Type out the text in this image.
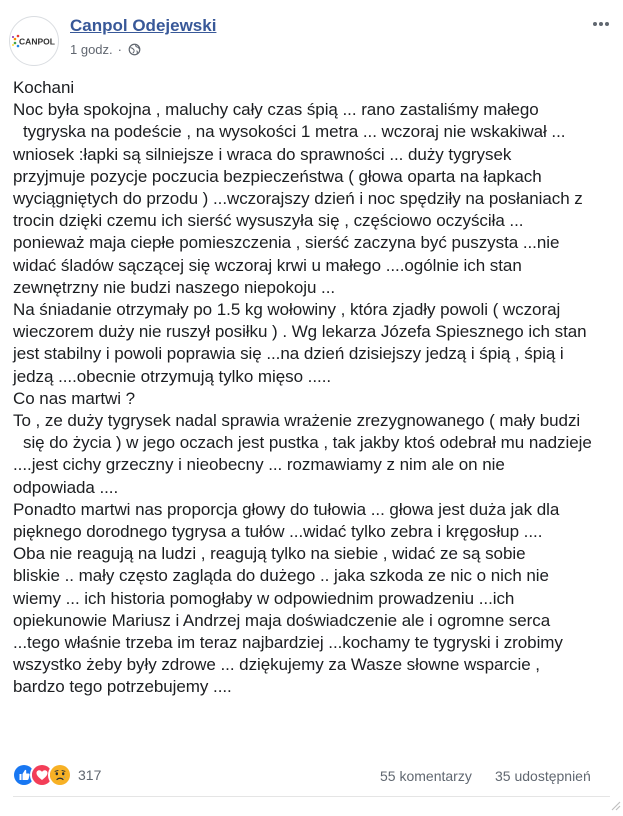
CANPOL
Canpol Odejewski
1 godz. ·

Kochani

Noc była spokojna , maluchy cały czas śpią ... rano zastaliśmy małego

tygryska na podeście , na wysokości 1 metra ... wczoraj nie wskakiwał ...

wniosek :łapki są silniejsze i wraca do sprawności ... duży tygrysek

przyjmuje pozycje poczucia bezpieczeństwa ( głowa oparta na łapkach

wyciągniętych do przodu ) ...wczorajszy dzień i noc spędziły na posłaniach z

trocin dzięki czemu ich sierść wysuszyła się , częściowo oczyściła ...

ponieważ maja ciepłe pomieszczenia , sierść zaczyna być puszysta ...nie

widać śladów sączącej się wczoraj krwi u małego ....ogólnie ich stan

zewnętrzny nie budzi naszego niepokoju ...

Na śniadanie otrzymały po 1.5 kg wołowiny , która zjadły powoli ( wczoraj

wieczorem duży nie ruszył posiłku ) . Wg lekarza Józefa Spiesznego ich stan

jest stabilny i powoli poprawia się ...na dzień dzisiejszy jedzą i śpią , śpią i

jedzą ....obecnie otrzymują tylko mięso .....

Co nas martwi ?

To , ze duży tygrysek nadal sprawia wrażenie zrezygnowanego ( mały budzi

się do życia ) w jego oczach jest pustka , tak jakby ktoś odebrał mu nadzieje

....jest cichy grzeczny i nieobecny ... rozmawiamy z nim ale on nie

odpowiada ....

Ponadto martwi nas proporcja głowy do tułowia ... głowa jest duża jak dla

pięknego dorodnego tygrysa a tułów ...widać tylko zebra i kręgosłup ....

Oba nie reagują na ludzi , reagują tylko na siebie , widać ze są sobie

bliskie .. mały często zagląda do dużego .. jaka szkoda ze nic o nich nie

wiemy ... ich historia pomogłaby w odpowiednim prowadzeniu ...ich

opiekunowie Mariusz i Andrzej maja doświadczenie ale i ogromne serca

...tego właśnie trzeba im teraz najbardziej ...kochamy te tygryski i zrobimy

wszystko żeby były zdrowe ... dziękujemy za Wasze słowne wsparcie ,

bardzo tego potrzebujemy ....

317	55 komentarzy 35 udostępnień
